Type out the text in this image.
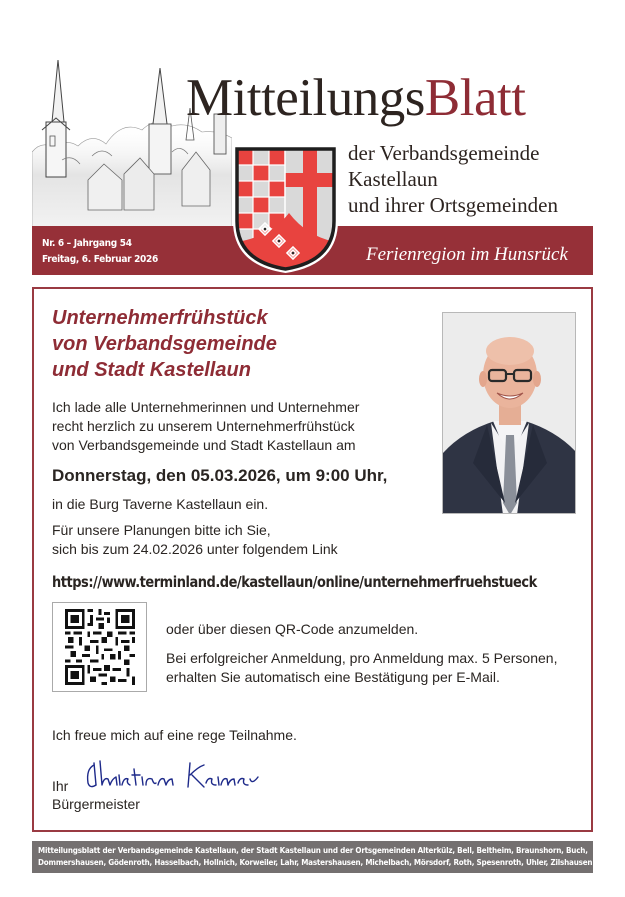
MitteilungsBlatt
der Verbandsgemeinde
Kastellaun
und ihrer Ortsgemeinden
Nr. 6 – Jahrgang 54
Freitag, 6. Februar 2026	Ferienregion im Hunsrück
Unternehmerfrühstück
von Verbandsgemeinde
und Stadt Kastellaun
Ich lade alle Unternehmerinnen und Unternehmer
recht herzlich zu unserem Unternehmerfrühstück
von Verbandsgemeinde und Stadt Kastellaun am
Donnerstag, den 05.03.2026, um 9:00 Uhr,
in die Burg Taverne Kastellaun ein.
Für unsere Planungen bitte ich Sie,
sich bis zum 24.02.2026 unter folgendem Link
https://www.terminland.de/kastellaun/online/unternehmerfruehstueck
oder über diesen QR-Code anzumelden.
Bei erfolgreicher Anmeldung, pro Anmeldung max. 5 Personen,
erhalten Sie automatisch eine Bestätigung per E-Mail.
Ich freue mich auf eine rege Teilnahme.
Ihr
Bürgermeister
Mitteilungsblatt der Verbandsgemeinde Kastellaun, der Stadt Kastellaun und der Ortsgemeinden Alterkülz, Bell, Beltheim, Braunshorn, Buch,
Dommershausen, Gödenroth, Hasselbach, Hollnich, Korweiler, Lahr, Mastershausen, Michelbach, Mörsdorf, Roth, Spesenroth, Uhler, Zilshausen
